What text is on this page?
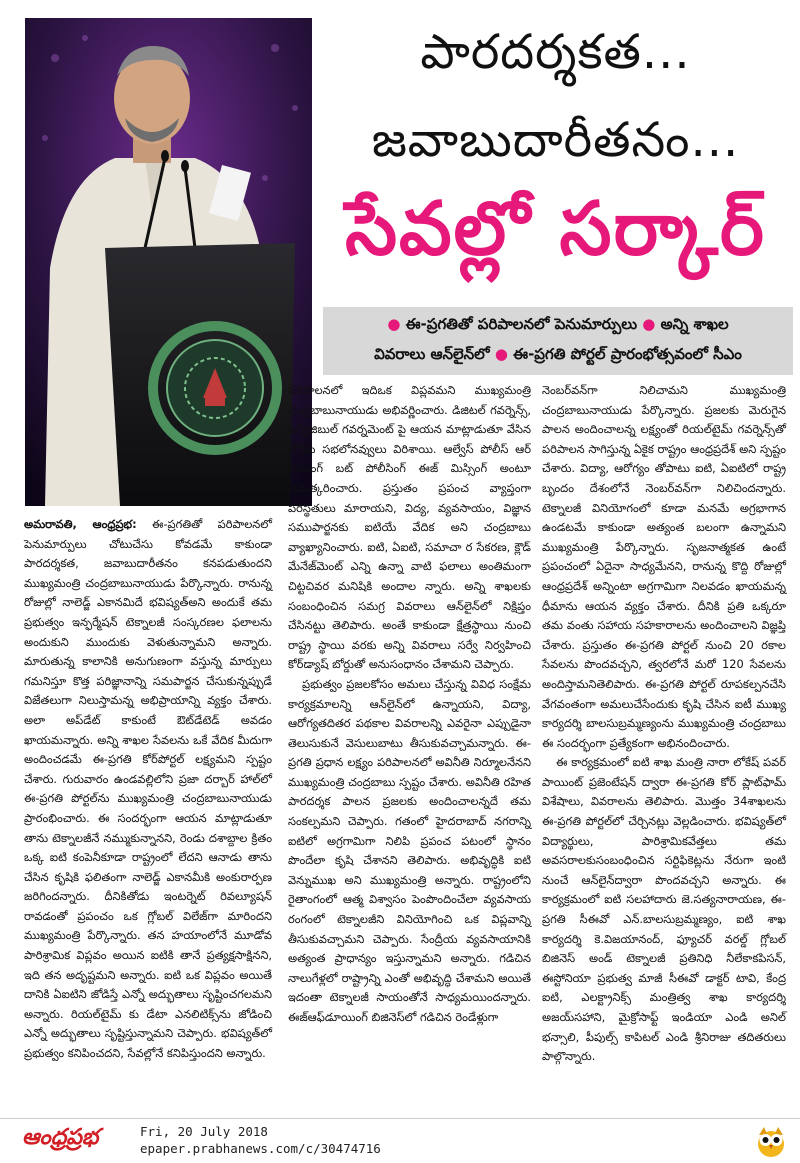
పారదర్శకత...
జవాబుదారీతనం...
సేవల్లో సర్కార్
● ఈ-ప్రగతితో పరిపాలనలో పెనుమార్పులు ● అన్ని శాఖల
వివరాలు ఆన్‌లైన్‌లో ● ఈ-ప్రగతి పోర్టల్ ప్రారంభోత్సవంలో సీఎం

అమరావతి, ఆంధ్రప్రభ: ఈ-ప్రగతితో పరిపాలనలో పెనుమార్పులు చోటుచేసు కోవడమే కాకుండా పారదర్శకత, జవాబుదారీతనం కనపడుతుందని ముఖ్యమంత్రి చంద్రబాబునాయుడు పేర్కొన్నారు. రానున్న రోజుల్లో నాలెడ్జ్ ఎకానమిదే భవిష్యత్‌అని అందుకే తమ ప్రభుత్వం ఇన్ఫర్మేషన్ టెక్నాలజీ సంస్కరణల ఫలాలను అందుకుని ముందుకు వెళుతున్నామని అన్నారు. మారుతున్న కాలానికి అనుగుణంగా వస్తున్న మార్పులు గమనిస్తూ కొత్త పరిజ్ఞానాన్ని సమపార్జన చేసుకున్నప్పుడే విజేతలుగా నిలుస్తామన్న అభిప్రాయాన్ని వ్యక్తం చేశారు. అలా అప్‌డేట్ కాకుంటే ఔట్‌డేటెడ్ అవడం ఖాయమన్నారు. అన్ని శాఖల సేవలను ఒకే వేదిక మీదుగా అందించడమే ఈ-ప్రగతి కోర్‌పోర్టల్ లక్ష్యమని స్పష్టం చేశారు. గురువారం ఉండవల్లిలోని ప్రజా దర్బార్ హాల్‌లో ఈ-ప్రగతి పోర్టల్‌ను ముఖ్యమంత్రి చంద్రబాబునాయుడు ప్రారంభించారు. ఈ సందర్భంగా ఆయన మాట్లాడుతూ తాను టెక్నాలజీనే నమ్ముకున్నానని, రెండు దశాబ్దాల క్రితం ఒక్క ఐటి కంపెనీకూడా రాష్ట్రంలో లేదని ఆనాడు తాను చేసిన కృషికి ఫలితంగా నాలెడ్జ్ ఎకానమీకి అంకురార్పణ జరిగిందన్నారు. దీనికితోడు ఇంటర్నెట్ రివల్యూషన్ రావడంతో ప్రపంచం ఒక గ్లోబల్ విలేజ్‌గా మారిందని ముఖ్యమంత్రి పేర్కొన్నారు. తన హయాంలోనే మూడోవ పారిశ్రామిక విప్లవం అయిన ఐటికి తానే ప్రత్యక్షసాక్షినని, ఇది తన అదృష్టమని అన్నారు. ఐటి ఒక విప్లవం అయితే దానికి ఏఐటిని జోడిస్తే ఎన్నో అద్భుతాలు సృష్టించగలమని అన్నారు. రియల్‌టైమ్ కు డేటా ఎనలిటిక్స్‌ను జోడించి ఎన్నో అద్భుతాలు సృష్టిస్తున్నామని చెప్పారు. భవిష్యత్‌లో ప్రభుత్వం కనిపించదని, సేవల్లోనే కనిపిస్తుందని అన్నారు.

పరిపాలనలో ఇదిఒక విప్లవమని ముఖ్యమంత్రి చంద్రబాబునాయుడు అభివర్ణించారు. డిజిటల్ గవర్నెన్స్, ఇన్విజిబుల్ గవర్నమెంట్ పై ఆయన మాట్లాడుతూ వేసిన జోక్‌కు సభలోనవ్వులు విరిశాయి. ఆల్వేస్ పోలీస్ ఆర్ సీయింగ్ బట్ పోలీసింగ్ ఈజ్ మిస్సింగ్ అంటూ చమత్కరించారు. ప్రస్తుతం ప్రపంచ వ్యాప్తంగా పరిస్థితులు మారాయని, విద్య, వ్యవసాయం, విజ్ఞాన సముపార్జనకు ఐటియే వేదిక అని చంద్రబాబు వ్యాఖ్యానించారు. ఐటి, ఏఐటి, సమాచా ర సేకరణ, క్లౌడ్ మేనేజ్‌మెంట్ ఎన్ని ఉన్నా వాటి ఫలాలు అంతిమంగా చిట్టచివర మనిషికి అందాల న్నారు. అన్ని శాఖలకు సంబంధించిన సమగ్ర వివరాలు ఆన్‌లైన్‌లో నిక్షిప్తం చేసినట్టు తెలిపారు. అంతే కాకుండా క్షేత్రస్థాయి నుంచి రాష్ట్ర స్థాయి వరకు అన్ని వివరాలు సర్వే నిర్వహించి కోర్‌డ్యాష్ బోర్డుతో అనుసంధానం చేశామని చెప్పారు.

ప్రభుత్వం ప్రజలకోసం అమలు చేస్తున్న వివిధ సంక్షేమ కార్యక్రమాలన్ని ఆన్‌లైన్‌లో ఉన్నాయని, విద్యా, ఆరోగ్యతదితర పథకాల వివరాలన్ని ఎవరైనా ఎప్పుడైనా తెలుసుకునే వెసులుబాటు తీసుకువచ్చామన్నారు. ఈ-ప్రగతి ప్రధాన లక్ష్యం పరిపాలనలో అవినీతి నిర్మూలనేనని ముఖ్యమంత్రి చంద్రబాబు స్పష్టం చేశారు. అవినీతి రహిత పారదర్శక పాలన ప్రజలకు అందించాలన్నదే తమ సంకల్పమని చెప్పారు. గతంలో హైదరాబాద్ నగరాన్ని ఐటిలో అగ్రగామిగా నిలిపి ప్రపంచ పటంలో స్థానం పొందేలా కృషి చేశానని తెలిపారు. అభివృద్ధికి ఐటి వెన్నుముఖ అని ముఖ్యమంత్రి అన్నారు. రాష్ట్రంలోని రైతాంగంలో ఆత్మ విశ్వాసం పెంపొందించేలా వ్యవసాయ రంగంలో టెక్నాలజీని వినియోగించి ఒక విప్లవాన్ని తీసుకువచ్చామని చెప్పారు. సేంద్రీయ వ్యవసాయానికి అత్యంత ప్రాధాన్యం ఇస్తున్నామని అన్నారు. గడిచిన నాలుగేళ్లలో రాష్ట్రాన్ని ఎంతో అభివృద్ధి చేశామని అయితే ఇదంతా టెక్నాలజీ సాయంతోనే సాధ్యమయిందన్నారు. ఈజ్‌ఆఫ్‌డూయింగ్ బిజినెస్‌లో గడిచిన రెండేళ్లుగా

నెంబర్‌వన్‌గా నిలిచామని ముఖ్యమంత్రి చంద్రబాబునాయుడు పేర్కొన్నారు. ప్రజలకు మెరుగైన పాలన అందించాలన్న లక్ష్యంతో రియల్‌టైమ్ గవర్నెన్స్‌తో పరిపాలన సాగిస్తున్న ఏకైక రాష్ట్రం ఆంధ్రప్రదేశ్ అని స్పష్టం చేశారు. విద్యా, ఆరోగ్యం తోపాటు ఐటి, ఏఐటిలో రాష్ట్ర బృందం దేశంలోనే నెంబర్‌వన్‌గా నిలిచిందన్నారు. టెక్నాలజీ వినియోగంలో కూడా మనమే అగ్రభాగాన ఉండటమే కాకుండా అత్యంత బలంగా ఉన్నామని ముఖ్యమంత్రి పేర్కొన్నారు. సృజనాత్మకత ఉంటే ప్రపంచంలో ఏదైనా సాధ్యమేనని, రానున్న కొద్ది రోజుల్లో ఆంధ్రప్రదేశ్ అన్నింటా అగ్రగామిగా నిలవడం ఖాయమన్న ధీమాను ఆయన వ్యక్తం చేశారు. దీనికి ప్రతి ఒక్కరూ తమ వంతు సహాయ సహకారాలను అందించాలని విజ్ఞప్తి చేశారు. ప్రస్తుతం ఈ-ప్రగతి పోర్టల్ నుంచి 20 రకాల సేవలను పొందవచ్చని, త్వరలోనే మరో 120 సేవలను అందిస్తామనితెలిపారు. ఈ-ప్రగతి పోర్టల్ రూపకల్పనచేసి వేగవంతంగా అమలుచేసేందుకు కృషి చేసిన ఐటీ ముఖ్య కార్యదర్శి బాలసుబ్రమ్మణ్యంను ముఖ్యమంత్రి చంద్రబాబు ఈ సందర్భంగా ప్రత్యేకంగా అభినందించారు.

ఈ కార్యక్రమంలో ఐటి శాఖ మంత్రి నారా లోకేష్ పవర్ పాయింట్ ప్రజెంటేషన్ ద్వారా ఈ-ప్రగతి కోర్ ప్లాట్‌ఫామ్ విశేషాలు, వివరాలను తెలిపారు. మొత్తం 34శాఖలను ఈ-ప్రగతి పోర్టల్‌లో చేర్చినట్లు వెల్లడించారు. భవిష్యత్‌లో విద్యార్థులు, పారిశ్రామికవేత్తలు తమ అవసరాలకుసంబంధించిన సర్టిఫికెట్లను నేరుగా ఇంటి నుంచే ఆన్‌లైన్‌ద్వారా పొందవచ్చని అన్నారు. ఈ కార్యక్రమంలో ఐటి సలహాదారు జె.సత్యనారాయణ, ఈ-ప్రగతి సీఈవో ఎన్.బాలసుబ్రమ్మణ్యం, ఐటి శాఖ కార్యదర్శి కె.విజయానంద్, ఫ్యూచర్ వరల్డ్ గ్లోబల్ బిజినెస్ అండ్ టెక్నాలజీ ప్రతినిధి నీలేకాకపిసన్, ఈస్టోనియా ప్రభుత్వ మాజీ సీఈవో డాక్టర్ టావి, కేంద్ర ఐటి, ఎలక్ట్రానిక్స్ మంత్రిత్వ శాఖ కార్యదర్శి అజయ్‌సహాని, మైక్రోసాఫ్ట్ ఇండియా ఎండి అనిల్ భన్సాలి, పీపుల్స్ కాపిటల్ ఎండి శ్రీనిరాజు తదితరులు పాల్గొన్నారు.

ఆంధ్రప్రభ	Fri, 20 July 2018
epaper.prabhanews.com/c/30474716
